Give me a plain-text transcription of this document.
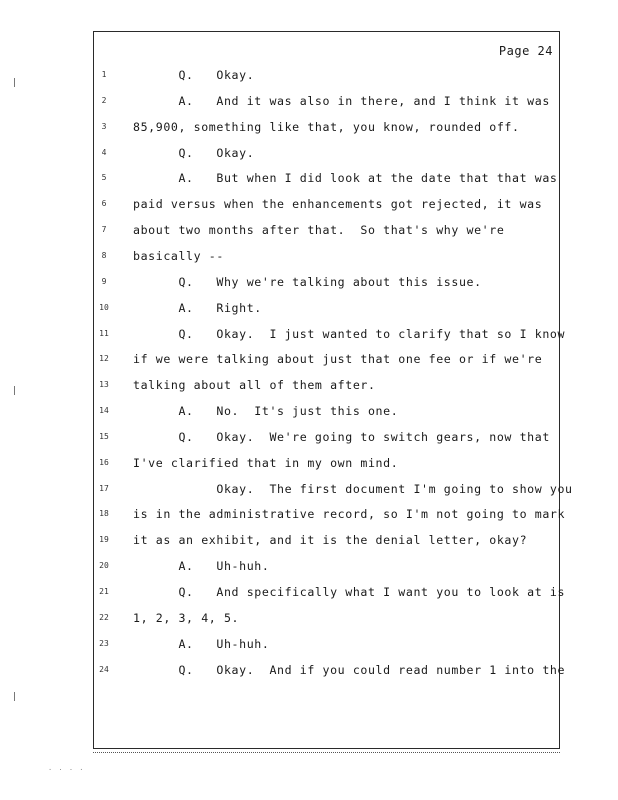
Page 24
1	Q.   Okay.
2	A.   And it was also in there, and I think it was
3	85,900, something like that, you know, rounded off.
4	Q.   Okay.
5	A.   But when I did look at the date that that was
6	paid versus when the enhancements got rejected, it was
7	about two months after that.  So that's why we're
8	basically --
9	Q.   Why we're talking about this issue.
10	A.   Right.
11	Q.   Okay.  I just wanted to clarify that so I know
12	if we were talking about just that one fee or if we're
13	talking about all of them after.
14	A.   No.  It's just this one.
15	Q.   Okay.  We're going to switch gears, now that
16	I've clarified that in my own mind.
17	Okay.  The first document I'm going to show you
18	is in the administrative record, so I'm not going to mark
19	it as an exhibit, and it is the denial letter, okay?
20	A.   Uh-huh.
21	Q.   And specifically what I want you to look at is
22	1, 2, 3, 4, 5.
23	A.   Uh-huh.
24	Q.   Okay.  And if you could read number 1 into the
. . . .
